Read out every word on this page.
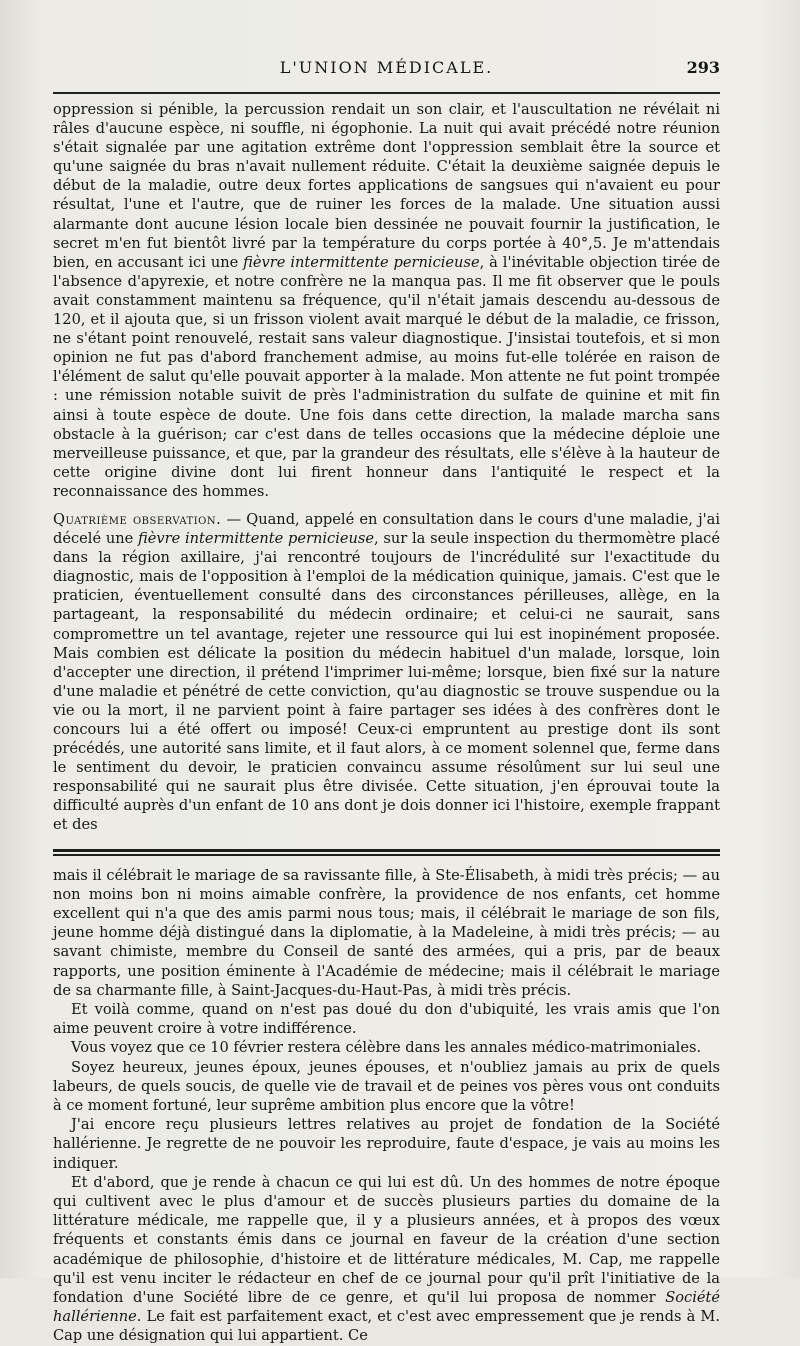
L'UNION MÉDICALE.	293

oppression si pénible, la percussion rendait un son clair, et l'auscultation ne révélait ni râles d'aucune espèce, ni souffle, ni égophonie. La nuit qui avait précédé notre réunion s'était signalée par une agitation extrême dont l'oppression semblait être la source et qu'une saignée du bras n'avait nullement réduite. C'était la deuxième saignée depuis le début de la maladie, outre deux fortes applications de sangsues qui n'avaient eu pour résultat, l'une et l'autre, que de ruiner les forces de la malade. Une situation aussi alarmante dont aucune lésion locale bien dessinée ne pouvait fournir la justification, le secret m'en fut bientôt livré par la température du corps portée à 40°,5. Je m'attendais bien, en accusant ici une fièvre intermittente pernicieuse, à l'inévitable objection tirée de l'absence d'apyrexie, et notre confrère ne la manqua pas. Il me fit observer que le pouls avait constamment maintenu sa fréquence, qu'il n'était jamais descendu au-dessous de 120, et il ajouta que, si un frisson violent avait marqué le début de la maladie, ce frisson, ne s'étant point renouvelé, restait sans valeur diagnostique. J'insistai toutefois, et si mon opinion ne fut pas d'abord franchement admise, au moins fut-elle tolérée en raison de l'élément de salut qu'elle pouvait apporter à la malade. Mon attente ne fut point trompée : une rémission notable suivit de près l'administration du sulfate de quinine et mit fin ainsi à toute espèce de doute. Une fois dans cette direction, la malade marcha sans obstacle à la guérison; car c'est dans de telles occasions que la médecine déploie une merveilleuse puissance, et que, par la grandeur des résultats, elle s'élève à la hauteur de cette origine divine dont lui firent honneur dans l'antiquité le respect et la reconnaissance des hommes.

Quatrième observation. — Quand, appelé en consultation dans le cours d'une maladie, j'ai décelé une fièvre intermittente pernicieuse, sur la seule inspection du thermomètre placé dans la région axillaire, j'ai rencontré toujours de l'incrédulité sur l'exactitude du diagnostic, mais de l'opposition à l'emploi de la médication quinique, jamais. C'est que le praticien, éventuellement consulté dans des circonstances périlleuses, allège, en la partageant, la responsabilité du médecin ordinaire; et celui-ci ne saurait, sans compromettre un tel avantage, rejeter une ressource qui lui est inopinément proposée. Mais combien est délicate la position du médecin habituel d'un malade, lorsque, loin d'accepter une direction, il prétend l'imprimer lui-même; lorsque, bien fixé sur la nature d'une maladie et pénétré de cette conviction, qu'au diagnostic se trouve suspendue ou la vie ou la mort, il ne parvient point à faire partager ses idées à des confrères dont le concours lui a été offert ou imposé! Ceux-ci empruntent au prestige dont ils sont précédés, une autorité sans limite, et il faut alors, à ce moment solennel que, ferme dans le sentiment du devoir, le praticien convaincu assume résolûment sur lui seul une responsabilité qui ne saurait plus être divisée. Cette situation, j'en éprouvai toute la difficulté auprès d'un enfant de 10 ans dont je dois donner ici l'histoire, exemple frappant et des

mais il célébrait le mariage de sa ravissante fille, à Ste-Élisabeth, à midi très précis; — au non moins bon ni moins aimable confrère, la providence de nos enfants, cet homme excellent qui n'a que des amis parmi nous tous; mais, il célébrait le mariage de son fils, jeune homme déjà distingué dans la diplomatie, à la Madeleine, à midi très précis; — au savant chimiste, membre du Conseil de santé des armées, qui a pris, par de beaux rapports, une position éminente à l'Académie de médecine; mais il célébrait le mariage de sa charmante fille, à Saint-Jacques-du-Haut-Pas, à midi très précis.

Et voilà comme, quand on n'est pas doué du don d'ubiquité, les vrais amis que l'on aime peuvent croire à votre indifférence.

Vous voyez que ce 10 février restera célèbre dans les annales médico-matrimoniales.

Soyez heureux, jeunes époux, jeunes épouses, et n'oubliez jamais au prix de quels labeurs, de quels soucis, de quelle vie de travail et de peines vos pères vous ont conduits à ce moment fortuné, leur suprême ambition plus encore que la vôtre!

J'ai encore reçu plusieurs lettres relatives au projet de fondation de la Société hallérienne. Je regrette de ne pouvoir les reproduire, faute d'espace, je vais au moins les indiquer.

Et d'abord, que je rende à chacun ce qui lui est dû. Un des hommes de notre époque qui cultivent avec le plus d'amour et de succès plusieurs parties du domaine de la littérature médicale, me rappelle que, il y a plusieurs années, et à propos des vœux fréquents et constants émis dans ce journal en faveur de la création d'une section académique de philosophie, d'histoire et de littérature médicales, M. Cap, me rappelle qu'il est venu inciter le rédacteur en chef de ce journal pour qu'il prît l'initiative de la fondation d'une Société libre de ce genre, et qu'il lui proposa de nommer Société hallérienne. Le fait est parfaitement exact, et c'est avec empressement que je rends à M. Cap une désignation qui lui appartient. Ce
